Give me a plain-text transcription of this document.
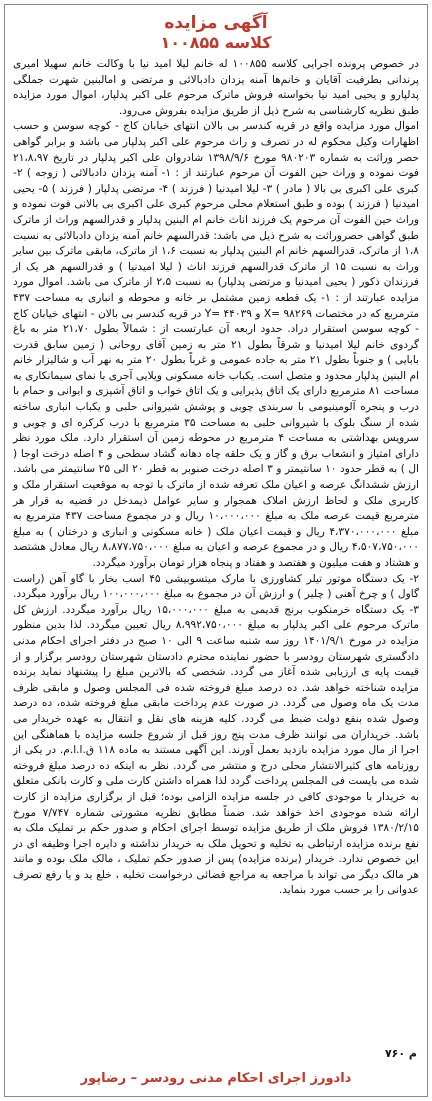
آگهی مزایده

کلاسه ۱۰۰۸۵۵

در خصوص پرونده اجرایی کلاسه ۱۰۰۸۵۵ له خانم لیلا امید نیا با وکالت خانم سهیلا امیری پرندانی بطرفیت آقایان و خانم‌ها آمنه یزدان دادبالائی و مرتضی و امالبنین شهرت جملگی پدلپارو و یحیی امید نیا بخواسته فروش ماترک مرحوم علی اکبر پدلپار، اموال مورد مزایده طبق نظریه کارشناسی به شرح ذیل از طریق مزایده بفروش می‌رود.

اموال مورد مزایده واقع در قریه کندسر بی بالان انتهای خیابان کاج - کوچه سوسن و حسب اظهارات وکیل محکوم له در تصرف و راث مرحوم علی اکبر پدلپار می باشد و برابر گواهی حصر وراثت به شماره ۹۸۰۲۰۳ مورخ ۱۳۹۸/۹/۶ شادروان علی اکبر پدلپار در تاریخ ۲۱،۸،۹۷ فوت نموده و وراث حین الفوت آن مرحوم عبارتند از : ۱- آمنه یزدان دادبالائی ( زوجه ) ۲- کبری علی اکبری بی بالا ( مادر ) ۳- لیلا امیدنیا ( فرزند ) ۴- مرتضی پدلپار ( فرزند ) ۵- یحیی امیدنیا ( فرزند ) بوده و طبق استعلام محلی مرحوم کبری علی اکبری بی بالانی فوت نموده و وراث حین الفوت آن مرحوم یک فرزند اناث خانم ام البنین پدلپار و قدرالسهم وراث از ماترک طبق گواهی حصروراثت به شرح ذیل می باشد: قدرالسهم خانم آمنه یزدان دادبالائی به نسبت ۱،۸ از ماترک، قدرالسهم خانم ام البنین پدلپار به نسبت ۱،۶ از ماترک، مابقی ماترک بین سایر وراث به نسبت ۱۵ از ماترک قدرالسهم فرزند اناث ( لیلا امیدنیا ) و قدرالسهم هر یک از فرزندان ذکور ( یحیی امیدنیا و مرتضی پدلپار) به نسبت ۲،۵ از ماترک می باشد. اموال مورد مزایده عبارتند از : ۱- یک قطعه زمین مشتمل بر خانه و محوطه و انباری به مساحت ۴۳۷ مترمربع که در مختصات ۹۸۲۶۹ =X و ۴۴۰۳۹ =Y در قریه کندسر بی بالان - انتهای خیابان کاج - کوچه سوسن استقرار دراد. حدود اربعه آن عبارتست از : شمالاً بطول ۲۱،۷۰ متر به باغ گردوی خانم لیلا امیدنیا و شرقاً بطول ۲۱ متر به زمین آقای روحانی ( زمین سابق قدرت بابایی ) و جنوباً بطول ۲۱ متر به جاده عمومی و غرباً بطول ۲۰ متر به نهر آب و شالیزار خانم ام البنین پدلپار محدود و متصل است. یکباب خانه مسکونی ویلایی آجری با نمای سیمانکاری به مساحت ۸۱ مترمربع دارای یک اتاق پذیرایی و یک اتاق خواب و اتاق آشپزی و ایوانی و حمام با درب و پنجره آلومینیومی با سربندی چوبی و پوشش شیروانی حلبی و یکباب انباری ساخته شده از سنگ بلوک با شیروانی حلبی به مساحت ۳۵ مترمربع با درب کرکره ای و چوبی و سرویس بهداشتی به مساحت ۴ مترمربع در محوطه زمین آن استقرار دارد. ملک مورد نظر دارای امتیاز و انشعاب برق و گاز و یک حلقه چاه دهانه گشاد سطحی و ۴ اصله درخت اوجا ( ال ) به قطر حدود ۱۰ سانتیمتر و ۳ اصله درخت صنوبر به قطر ۲۰ الی ۲۵ سانتیمتر می باشد. ارزش ششدانگ عرصه و اعیان ملک تعرفه شده از ماترک با توجه به موقعیت استقرار ملک و کاربری ملک و لحاظ ارزش املاک همجوار و سایر عوامل ذیمدخل در قضیه به قرار هر مترمربع قیمت عرصه ملک به مبلغ ۱۰،۰۰۰،۰۰۰ ریال و در مجموع مساحت ۴۳۷ مترمربع به مبلغ ۴،۳۷۰،۰۰۰،۰۰۰ ریال و قیمت اعیان ملک ( خانه مسکونی و انباری و درختان ) به مبلغ ۴،۵۰۷،۷۵۰،۰۰۰ ریال و در مجموع عرصه و اعیان به مبلغ ۸،۸۷۷،۷۵۰،۰۰۰ ریال معادل هشتصد و هشتاد و هفت میلیون و هفتصد و هفتاد و پنجاه هزار تومان برآورد میگردد.

۲- یک دستگاه موتور تیلر کشاورزی با مارک میتسوبیشی ۴۵ اسب بخار با گاو آهن (راست گاول ) و چرخ آهنی ( چلیر ) و ارزش آن در مجموع به مبلغ ۱۰۰،۰۰۰،۰۰۰ ریال برآورد میگردد. ۳- یک دستگاه خرمنکوب برنج قدیمی به مبلغ ۱۵،۰۰۰،۰۰۰ ریال برآورد میگردد. ارزش کل ماترک مرحوم علی اکبر پدلپار به مبلغ ۸،۹۹۲،۷۵۰،۰۰۰ ریال تعیین میگردد. لذا بدین منظور مزایده در مورخ ۱۴۰۱/۹/۱ روز سه شنبه ساعت ۹ الی ۱۰ صبح در دفتر اجرای احکام مدنی دادگستری شهرستان رودسر با حضور نماینده محترم دادستان شهرستان رودسر برگزار و از قیمت پایه ی ارزیابی شده آغاز می گردد. شخصی که بالاترین مبلغ را پیشنهاد نماید برنده مزایده شناخته خواهد شد. ده درصد مبلغ فروخته شده فی المجلس وصول و مابقی ظرف مدت یک ماه وصول می گردد. در صورت عدم پرداخت مابقی مبلغ فروخته شده، ده درصد وصول شده بنفع دولت ضبط می گردد. کلیه هزینه های نقل و انتقال به عهده خریدار می باشد. خریداران می توانند ظرف مدت پنج روز قبل از شروع جلسه مزایده با هماهنگی این اجرا از مال مورد مزایده بازدید بعمل آورند. این آگهی مستند به ماده ۱۱۸ ق.ا.ا.م. در یکی از روزنامه های کثیرالانتشار محلی درج و منتشر می گردد. نظر به اینکه ده درصد مبلغ فروخته شده می بایست فی المجلس پرداخت گردد لذا همراه داشتن کارت ملی و کارت بانکی متعلق به خریدار با موجودی کافی در جلسه مزایده الزامی بوده؛ قبل از برگزاری مزایده از کارت ارائه شده موجودی اخذ خواهد شد. ضمناً مطابق نظریه مشورتی شماره ۷/۷۴۷ مورخ ۱۳۸۰/۲/۱۵ فروش ملک از طریق مزایده توسط اجرای احکام و صدور حکم بر تملیک ملک به نفع برنده مزایده ارتباطی به تخلیه و تحویل ملک به خریدار نداشته و دایره اجرا وظیفه ای در این خصوص ندارد. خریدار (برنده مزایده) پس از صدور حکم تملیک ، مالک ملک بوده و مانند هر مالک دیگر می تواند با مراجعه به مراجع قضائی درخواست تخلیه ، خلع ید و یا رفع تصرف عدوانی را بر حسب مورد بنماید.

م ۷۶۰
دادورز اجرای احکام مدنی رودسر – رضاپور
